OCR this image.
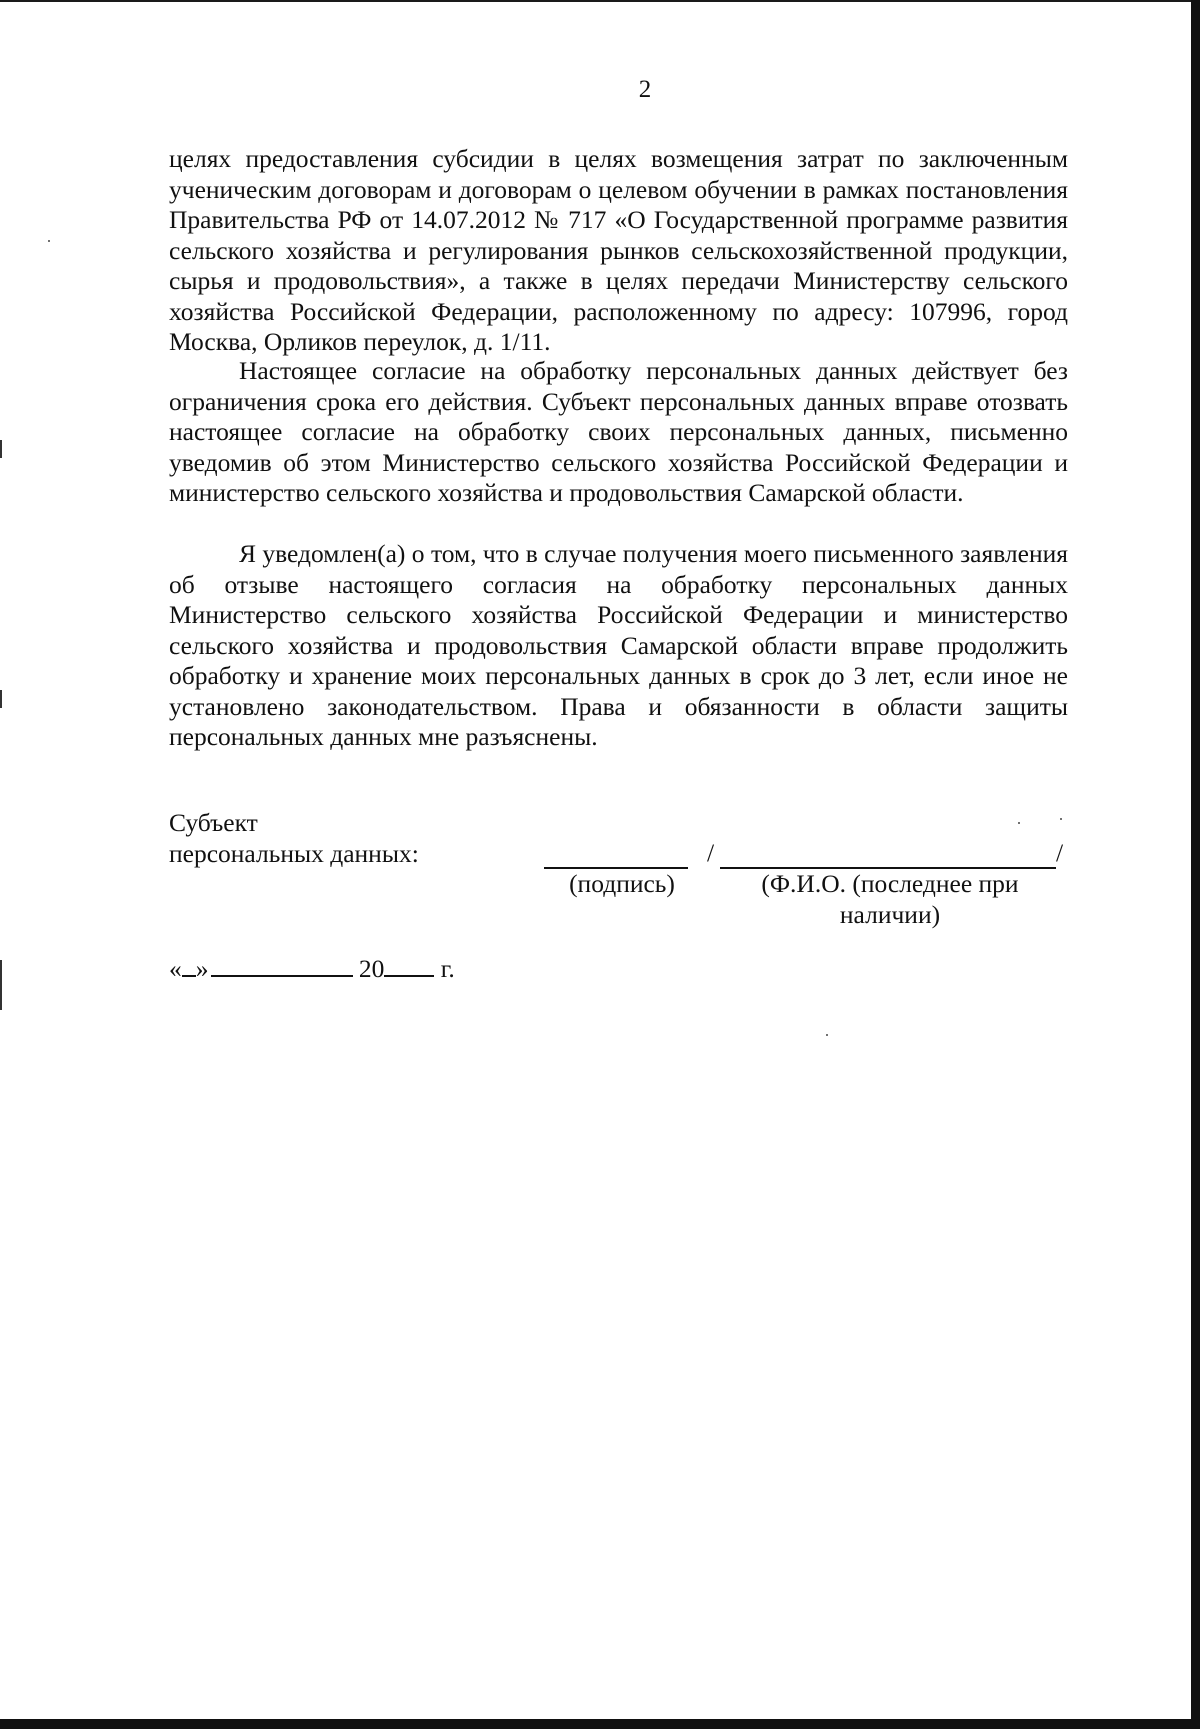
2

целях предоставления субсидии в целях возмещения затрат по заключенным ученическим договорам и договорам о целевом обучении в рамках постановления Правительства РФ от 14.07.2012 № 717 «О Государственной программе развития сельского хозяйства и регулирования рынков сельскохозяйственной продукции, сырья и продовольствия», а также в целях передачи Министерству сельского хозяйства Российской Федерации, расположенному по адресу: 107996, город Москва, Орликов переулок, д. 1/11.

Настоящее согласие на обработку персональных данных действует без ограничения срока его действия. Субъект персональных данных вправе отозвать настоящее согласие на обработку своих персональных данных, письменно уведомив об этом Министерство сельского хозяйства Российской Федерации и министерство сельского хозяйства и продовольствия Самарской области.

Я уведомлен(а) о том, что в случае получения моего письменного заявления об отзыве настоящего согласия на обработку персональных данных Министерство сельского хозяйства Российской Федерации и министерство сельского хозяйства и продовольствия Самарской области вправе продолжить обработку и хранение моих персональных данных в срок до 3 лет, если иное не установлено законодательством. Права и обязанности в области защиты персональных данных мне разъяснены.

Субъект
персональных данных:	/	/
(подпись)	(Ф.И.О. (последнее при
наличии)
« »	20 г.
